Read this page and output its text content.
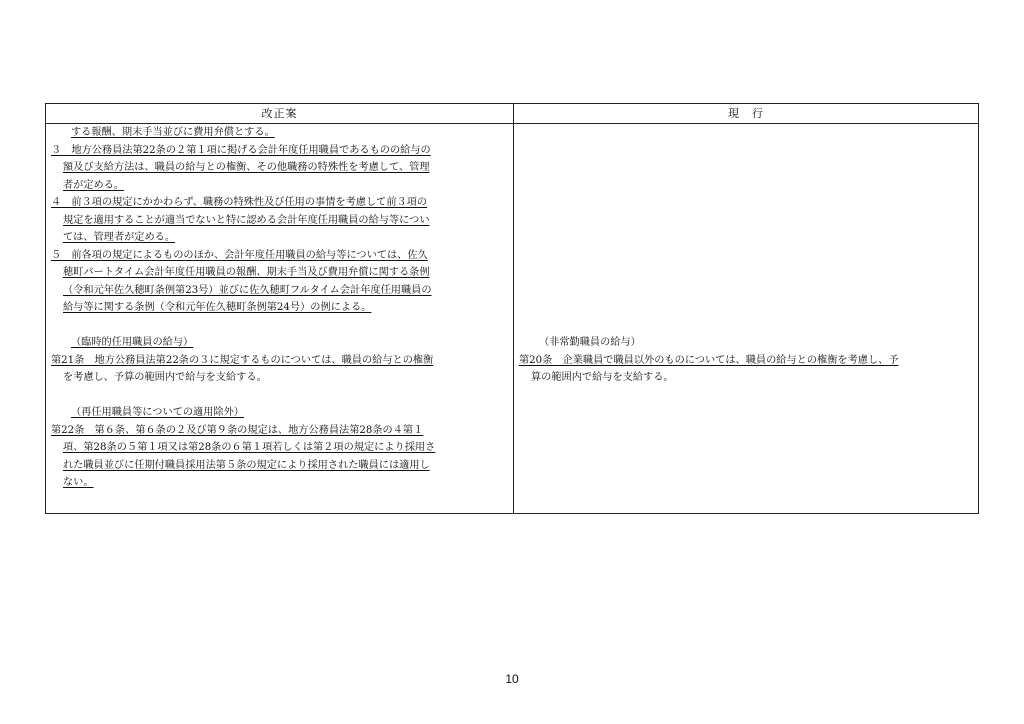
改正案
する報酬、期末手当並びに費用弁償とする。
３　地方公務員法第22条の２第１項に掲げる会計年度任用職員であるものの給与の
額及び支給方法は、職員の給与との権衡、その他職務の特殊性を考慮して、管理
者が定める。
４　前３項の規定にかかわらず、職務の特殊性及び任用の事情を考慮して前３項の
規定を適用することが適当でないと特に認める会計年度任用職員の給与等につい
ては、管理者が定める。
５　前各項の規定によるもののほか、会計年度任用職員の給与等については、佐久
穂町パートタイム会計年度任用職員の報酬、期末手当及び費用弁償に関する条例
（令和元年佐久穂町条例第23号）並びに佐久穂町フルタイム会計年度任用職員の
給与等に関する条例（令和元年佐久穂町条例第24号）の例による。
（臨時的任用職員の給与）
第21条　地方公務員法第22条の３に規定するものについては、職員の給与との権衡
を考慮し、予算の範囲内で給与を支給する。
（再任用職員等についての適用除外）
第22条　第６条、第６条の２及び第９条の規定は、地方公務員法第28条の４第１
項、第28条の５第１項又は第28条の６第１項若しくは第２項の規定により採用さ
れた職員並びに任期付職員採用法第５条の規定により採用された職員には適用し
ない。
現　行
（非常勤職員の給与）
第20条　企業職員で職員以外のものについては、職員の給与との権衡を考慮し、予
算の範囲内で給与を支給する。
10
